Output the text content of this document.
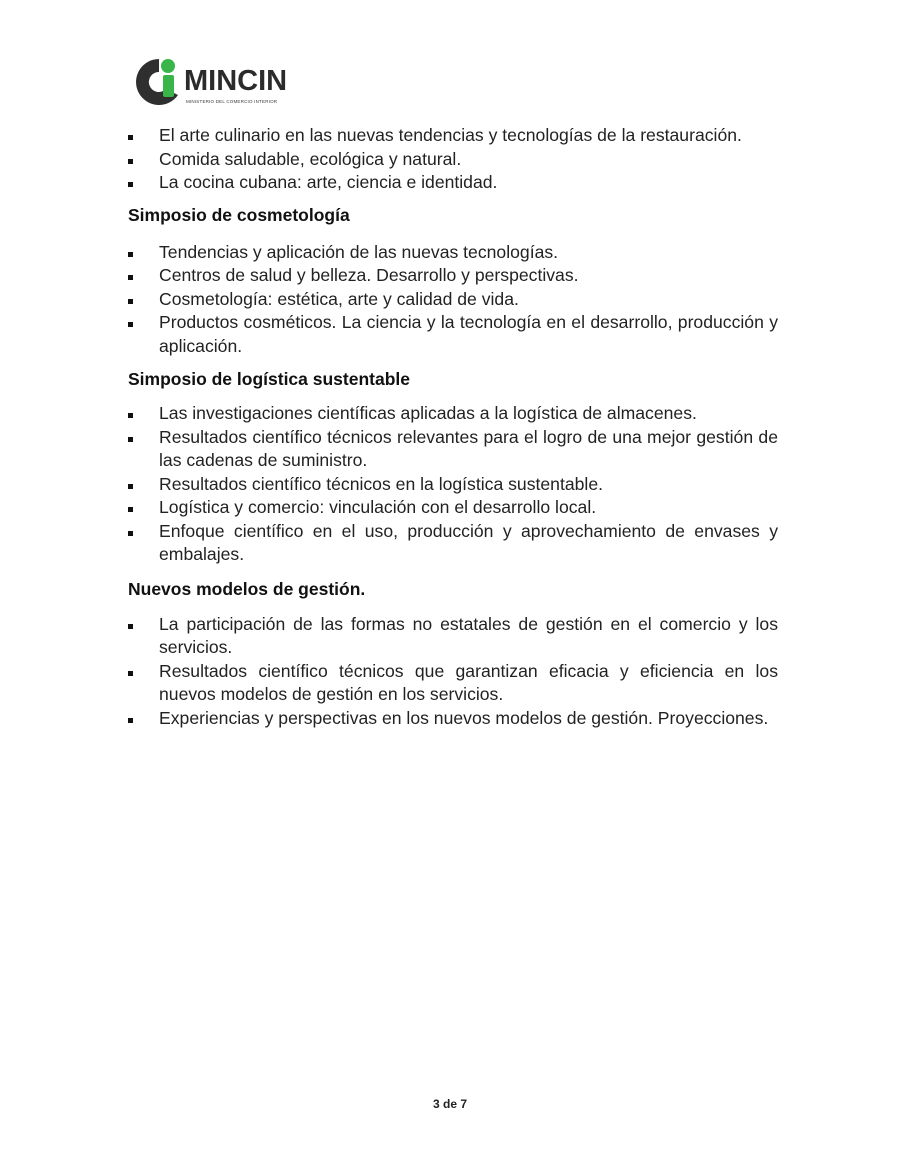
MINCIN
MINISTERIO DEL COMERCIO INTERIOR
El arte culinario en las nuevas tendencias y tecnologías de la restauración.
Comida saludable, ecológica y natural.
La cocina cubana: arte, ciencia e identidad.
Simposio de cosmetología
Tendencias y aplicación de las nuevas tecnologías.
Centros de salud y belleza. Desarrollo y perspectivas.
Cosmetología: estética, arte y calidad de vida.
Productos cosméticos. La ciencia y la tecnología en el desarrollo, producción y aplicación.
Simposio de logística sustentable
Las investigaciones científicas aplicadas a la logística de almacenes.
Resultados científico técnicos relevantes para el logro de una mejor gestión de las cadenas de suministro.
Resultados científico técnicos en la logística sustentable.
Logística y comercio: vinculación con el desarrollo local.
Enfoque científico en el uso, producción y aprovechamiento de envases y embalajes.
Nuevos modelos de gestión.
La participación de las formas no estatales de gestión en el comercio y los servicios.
Resultados científico técnicos que garantizan eficacia y eficiencia en los nuevos modelos de gestión en los servicios.
Experiencias y perspectivas en los nuevos modelos de gestión. Proyecciones.
3 de 7
